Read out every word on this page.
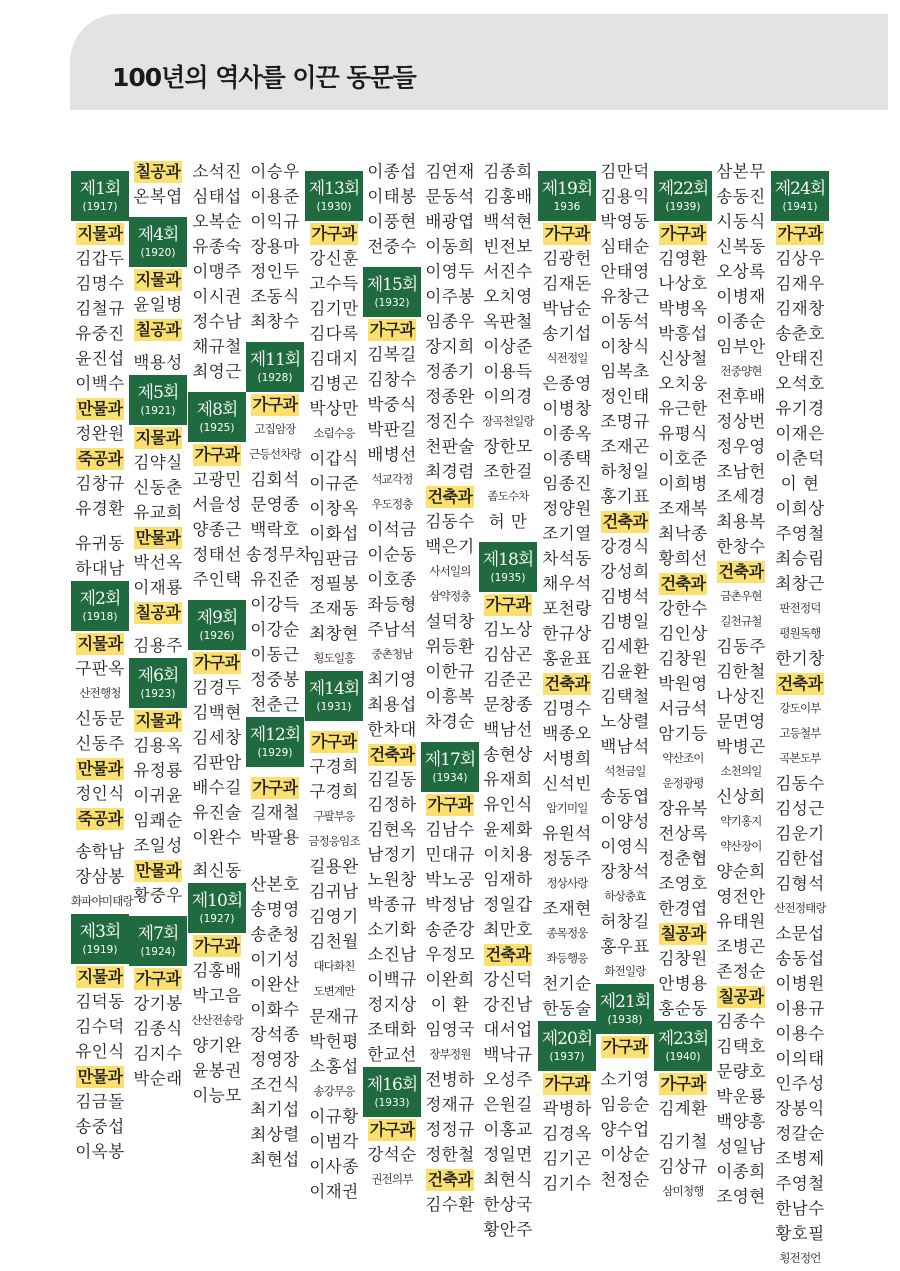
100년의 역사를 이끈 동문들
제1회
(1917)
지물과
김갑두
김명수
김철규
유중진
윤진섭
이백수
만물과
정완원
죽공과
김창규
유경환
유귀동
하대남
제2회
(1918)
지물과
구판옥
산전행청
신동문
신동주
만물과
정인식
죽공과
송학남
장삼봉
화파야미태랑
제3회
(1919)
지물과
김덕동
김수덕
유인식
만물과
김금돌
송중섭
이옥봉
칠공과
온복엽
제4회
(1920)
지물과
윤일병
칠공과
백용성
제5회
(1921)
지물과
김약실
신동춘
유교희
만물과
박선옥
이재룡
칠공과
김용주
제6회
(1923)
지물과
김용옥
유정룡
이귀윤
임쾌순
조일성
만물과
황중우
제7회
(1924)
가구과
강기봉
김종식
김지수
박순래
소석진
심태섭
오복순
유종숙
이맹주
이시권
정수남
채규철
최영근
제8회
(1925)
가구과
고광민
서을성
양종근
정태선
주인택
제9회
(1926)
가구과
김경두
김백현
김세창
김판암
배수길
유진술
이완수
최신동
제10회
(1927)
가구과
김홍배
박고음
산산전송랑
양기완
윤봉권
이능모
이승우
이용준
이익규
장용마
정인두
조동식
최창수
제11회
(1928)
가구과
고집암장
근등선차랑
김회석
문영종
백락호
송정무차
유진준
이강득
이강순
이동근
정중봉
천춘근
제12회
(1929)
가구과
길재철
박팔용
산본호
송명영
송춘청
이기성
이완산
이화수
장석종
정영장
조건식
최기섭
최상렬
최현섭
제13회
(1930)
가구과
강신훈
고수득
김기만
김다록
김대지
김병곤
박상만
소림수응
이갑식
이규준
이창옥
이화섭
임판금
정필봉
조재동
최창현
횡도일흥
제14회
(1931)
가구과
구경희
구경희
구팔부응
금정응임조
길용완
김귀남
김영기
김천월
대다화친
도변계만
문재규
박헌평
소홍섭
송강무응
이규황
이범각
이사종
이재권
이종섭
이태봉
이풍현
전중수
제15회
(1932)
가구과
김복길
김창수
박중식
박판길
배병선
석교각정
우도정충
이석금
이순동
이호종
좌등형
주남석
중촌청남
최기영
최용섭
한차대
건축과
김길동
김정하
김현옥
남정기
노원창
박종규
소기화
소진남
이백규
정지상
조태화
한교선
제16회
(1933)
가구과
강석순
권전의부
김연재
문동석
배광엽
이동희
이영두
이주봉
임종우
장지희
정종기
정종완
정진수
천판술
최경렴
건축과
김동수
백은기
사서일의
삼약정충
설덕창
위등환
이한규
이흥복
차경순
제17회
(1934)
가구과
김남수
민대규
박노공
박정남
송준강
우정모
이완희
이 환
임영국
장부정원
전병하
정재규
정정규
정한철
건축과
김수환
김종희
김홍배
백석현
빈전보
서진수
오치영
옥판철
이상준
이용득
이의경
장곡천일랑
장한모
조한걸
좀도수차
허 만
제18회
(1935)
가구과
김노상
김삼곤
김준곤
문창종
백남선
송현상
유재희
유인식
윤제화
이치용
임재하
정일갑
최만호
건축과
강신덕
강진남
대서업
백낙규
오성주
은원길
이홍교
정일면
최현식
한상국
황안주
제19회
1936
가구과
김광헌
김재돈
박남순
송기섭
식전정일
은종영
이병창
이종옥
이종택
임종진
정양원
조기열
차석동
채우석
포천랑
한규상
홍윤표
건축과
김명수
백종오
서병희
신석빈
암기미일
유원석
정동주
정상사랑
조재현
종목정웅
좌등행응
천기순
한동술
제20회
(1937)
가구과
곽병하
김경옥
김기곤
김기수
김만덕
김용익
박영동
심태순
안태영
유창근
이동석
이창식
임복초
정인태
조명규
조재곤
하청일
홍기표
건축과
강경식
강성희
김병석
김병일
김세환
김윤환
김택철
노상렬
백남석
석천금일
송동엽
이양성
이영식
장창석
하상충효
허창길
홍우표
화전일랑
제21회
(1938)
가구과
소기영
임응순
양수업
이상순
천정순
제22회
(1939)
가구과
김영환
나상호
박병옥
박흥섭
신상철
오치웅
유근한
유평식
이호준
이희병
조재복
최낙종
황희선
건축과
강한수
김인상
김창원
박원영
서금석
암기등
약산조이
운정광평
장유복
전상록
정춘협
조영호
한경엽
칠공과
김창원
안병용
홍순동
제23회
(1940)
가구과
김계환
김기철
김상규
삼미청행
삼본무
송동진
시동식
신복동
오상록
이병재
이종순
임부안
전중양현
전후배
정상번
정우영
조남헌
조세경
최용복
한창수
건축과
금촌우현
길천규철
김동주
김한철
나상진
문면영
박병곤
소천의일
신상희
약기홍지
약산장이
양순희
영전안
유태원
조병곤
존정순
칠공과
김종수
김택호
문량호
박운룡
백양흥
성일남
이종희
조영현
제24회
(1941)
가구과
김상우
김재우
김재창
송춘호
안태진
오석호
유기경
이재은
이춘덕
이 현
이희상
주영철
최승림
최창근
판전정덕
평원독행
한기창
건축과
강도이부
고등철부
곡본도부
김동수
김성근
김운기
김한섭
김형석
산전정태랑
소문섭
송동섭
이병원
이용규
이용수
이의태
인주성
장봉익
정갈순
조병제
주영철
한남수
황호필
횡전정언
